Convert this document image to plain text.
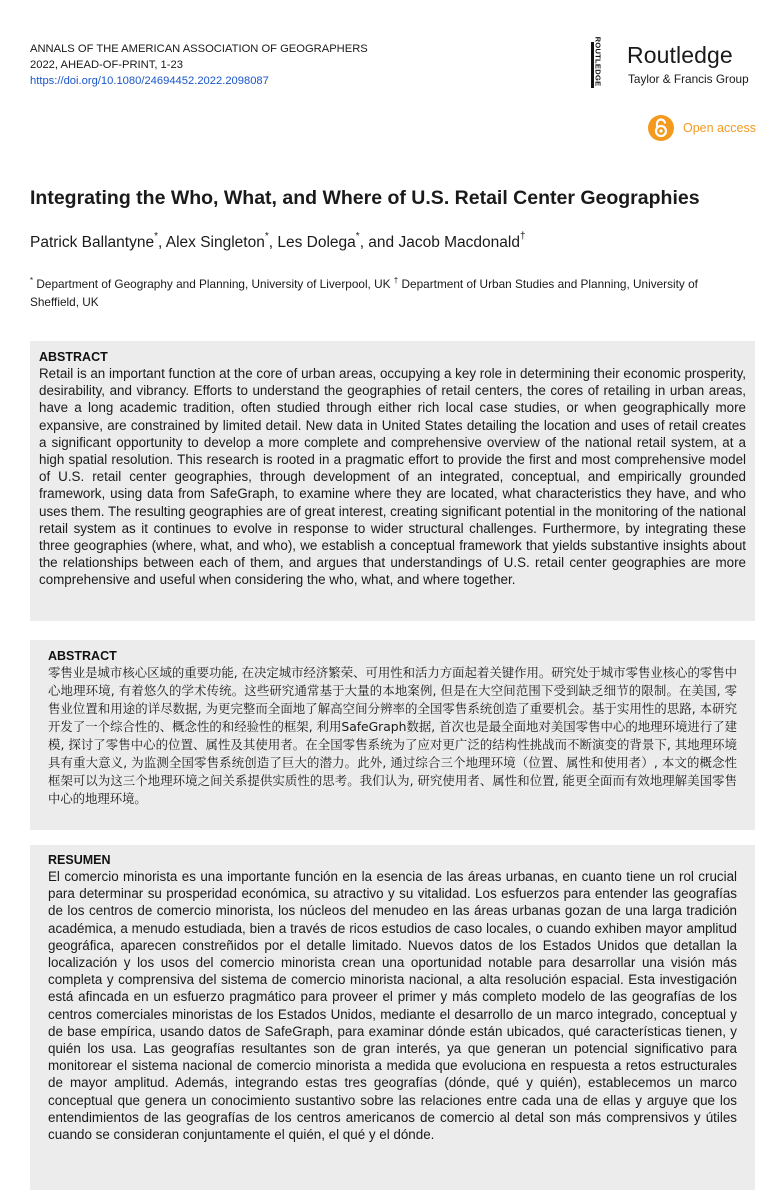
ANNALS OF THE AMERICAN ASSOCIATION OF GEOGRAPHERS
2022, AHEAD-OF-PRINT, 1-23
https://doi.org/10.1080/24694452.2022.2098087	ROUTLEDGE Routledge
Taylor & Francis Group
Open access
Integrating the Who, What, and Where of U.S. Retail Center Geographies
Patrick Ballantyne*, Alex Singleton*, Les Dolega*, and Jacob Macdonald†
* Department of Geography and Planning, University of Liverpool, UK † Department of Urban Studies and Planning, University of Sheffield, UK
ABSTRACT
Retail is an important function at the core of urban areas, occupying a key role in determining their economic prosperity, desirability, and vibrancy. Efforts to understand the geographies of retail centers, the cores of retailing in urban areas, have a long academic tradition, often studied through either rich local case studies, or when geographically more expansive, are constrained by limited detail. New data in United States detailing the location and uses of retail creates a significant opportunity to develop a more complete and comprehensive overview of the national retail system, at a high spatial resolution. This research is rooted in a pragmatic effort to provide the first and most comprehensive model of U.S. retail center geographies, through development of an integrated, conceptual, and empirically grounded framework, using data from SafeGraph, to examine where they are located, what characteristics they have, and who uses them. The resulting geographies are of great interest, creating significant potential in the monitoring of the national retail system as it continues to evolve in response to wider structural challenges. Furthermore, by integrating these three geographies (where, what, and who), we establish a conceptual framework that yields substantive insights about the relationships between each of them, and argues that understandings of U.S. retail center geographies are more comprehensive and useful when considering the who, what, and where together.
ABSTRACT
零售业是城市核心区域的重要功能, 在决定城市经济繁荣、可用性和活力方面起着关键作用。研究处于城市零售业核心的零售中心地理环境, 有着悠久的学术传统。这些研究通常基于大量的本地案例, 但是在大空间范围下受到缺乏细节的限制。在美国, 零售业位置和用途的详尽数据, 为更完整而全面地了解高空间分辨率的全国零售系统创造了重要机会。基于实用性的思路, 本研究开发了一个综合性的、概念性的和经验性的框架, 利用SafeGraph数据, 首次也是最全面地对美国零售中心的地理环境进行了建模, 探讨了零售中心的位置、属性及其使用者。在全国零售系统为了应对更广泛的结构性挑战而不断演变的背景下, 其地理环境具有重大意义, 为监测全国零售系统创造了巨大的潜力。此外, 通过综合三个地理环境（位置、属性和使用者）, 本文的概念性框架可以为这三个地理环境之间关系提供实质性的思考。我们认为, 研究使用者、属性和位置, 能更全面而有效地理解美国零售中心的地理环境。
RESUMEN
El comercio minorista es una importante función en la esencia de las áreas urbanas, en cuanto tiene un rol crucial para determinar su prosperidad económica, su atractivo y su vitalidad. Los esfuerzos para entender las geografías de los centros de comercio minorista, los núcleos del menudeo en las áreas urbanas gozan de una larga tradición académica, a menudo estudiada, bien a través de ricos estudios de caso locales, o cuando exhiben mayor amplitud geográfica, aparecen constreñidos por el detalle limitado. Nuevos datos de los Estados Unidos que detallan la localización y los usos del comercio minorista crean una oportunidad notable para desarrollar una visión más completa y comprensiva del sistema de comercio minorista nacional, a alta resolución espacial. Esta investigación está afincada en un esfuerzo pragmático para proveer el primer y más completo modelo de las geografías de los centros comerciales minoristas de los Estados Unidos, mediante el desarrollo de un marco integrado, conceptual y de base empírica, usando datos de SafeGraph, para examinar dónde están ubicados, qué características tienen, y quién los usa. Las geografías resultantes son de gran interés, ya que generan un potencial significativo para monitorear el sistema nacional de comercio minorista a medida que evoluciona en respuesta a retos estructurales de mayor amplitud. Además, integrando estas tres geografías (dónde, qué y quién), establecemos un marco conceptual que genera un conocimiento sustantivo sobre las relaciones entre cada una de ellas y arguye que los entendimientos de las geografías de los centros americanos de comercio al detal son más comprensivos y útiles cuando se consideran conjuntamente el quién, el qué y el dónde.
